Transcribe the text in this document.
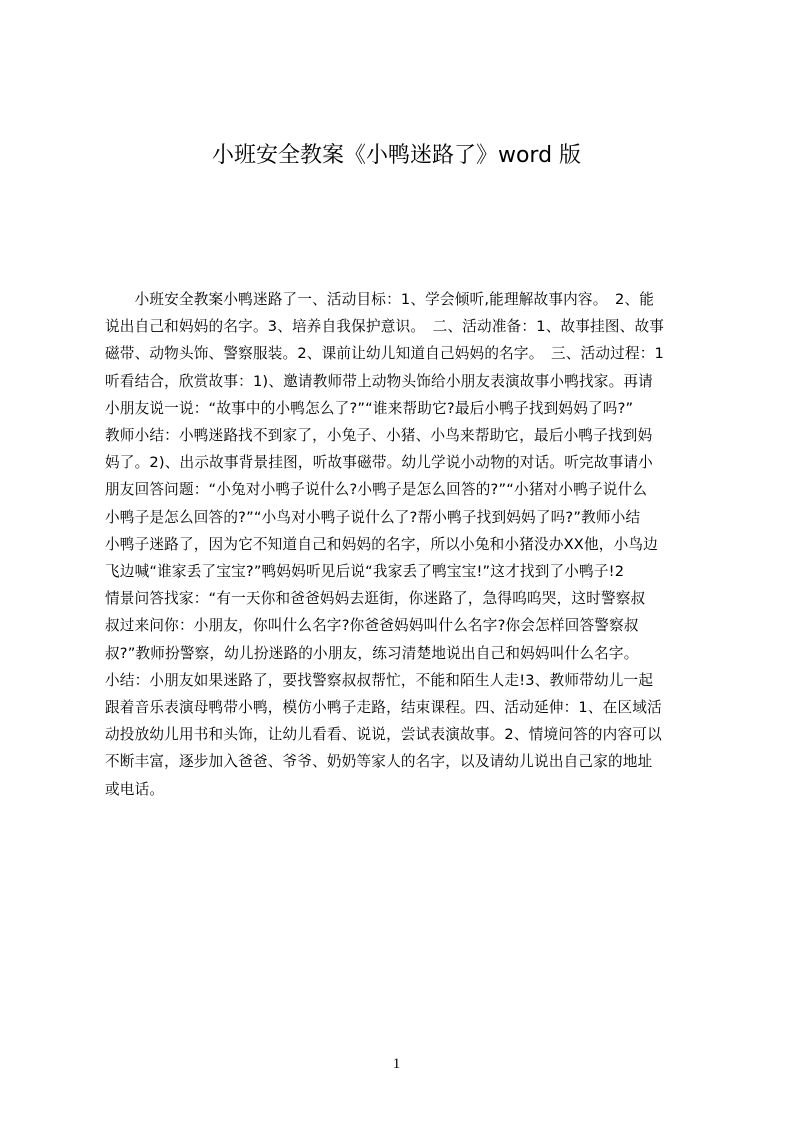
小班安全教案《小鸭迷路了》word 版

　　小班安全教案小鸭迷路了一、活动目标：1、学会倾听,能理解故事内容。　2、能

说出自己和妈妈的名字。3、培养自我保护意识。　二、活动准备：1、故事挂图、故事

磁带、动物头饰、警察服装。2、课前让幼儿知道自己妈妈的名字。　三、活动过程：1

听看结合，欣赏故事：1)、邀请教师带上动物头饰给小朋友表演故事小鸭找家。再请

小朋友说一说：“故事中的小鸭怎么了?”“谁来帮助它?最后小鸭子找到妈妈了吗?”

教师小结：小鸭迷路找不到家了，小兔子、小猪、小鸟来帮助它，最后小鸭子找到妈

妈了。2)、出示故事背景挂图，听故事磁带。幼儿学说小动物的对话。听完故事请小

朋友回答问题：“小兔对小鸭子说什么?小鸭子是怎么回答的?”“小猪对小鸭子说什么

小鸭子是怎么回答的?”“小鸟对小鸭子说什么了?帮小鸭子找到妈妈了吗?”教师小结

小鸭子迷路了，因为它不知道自己和妈妈的名字，所以小兔和小猪没办XX他，小鸟边

飞边喊“谁家丢了宝宝?”鸭妈妈听见后说“我家丢了鸭宝宝!”这才找到了小鸭子!2

情景问答找家：“有一天你和爸爸妈妈去逛街，你迷路了，急得呜呜哭，这时警察叔

叔过来问你：小朋友，你叫什么名字?你爸爸妈妈叫什么名字?你会怎样回答警察叔

叔?”教师扮警察，幼儿扮迷路的小朋友，练习清楚地说出自己和妈妈叫什么名字。

小结：小朋友如果迷路了，要找警察叔叔帮忙，不能和陌生人走!3、教师带幼儿一起

跟着音乐表演母鸭带小鸭，模仿小鸭子走路，结束课程。四、活动延伸：1、在区域活

动投放幼儿用书和头饰，让幼儿看看、说说，尝试表演故事。2、情境问答的内容可以

不断丰富，逐步加入爸爸、爷爷、奶奶等家人的名字，以及请幼儿说出自己家的地址

或电话。

1
